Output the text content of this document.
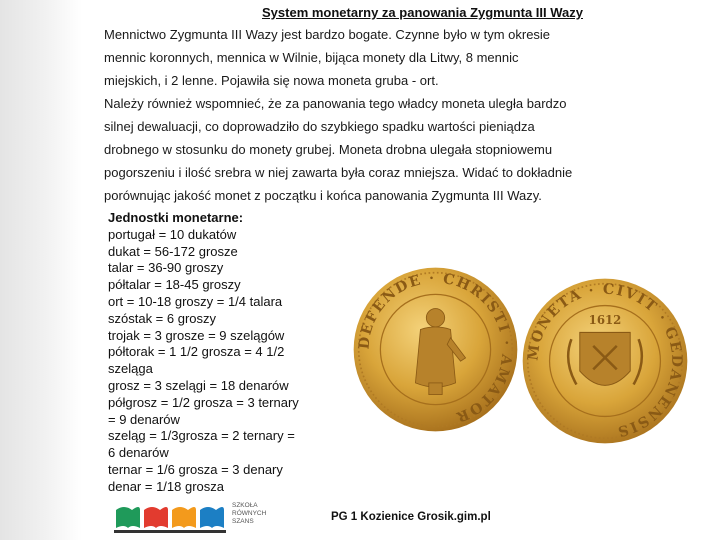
System monetarny za panowania Zygmunta III Wazy
Mennictwo Zygmunta III Wazy jest bardzo bogate. Czynne było w tym okresie
mennic koronnych, mennica w Wilnie, bijąca monety dla Litwy, 8 mennic
miejskich, i 2 lenne. Pojawiła się nowa moneta gruba - ort.
Należy również wspomnieć, że za panowania tego władcy moneta uległa bardzo
silnej dewaluacji, co doprowadziło do szybkiego spadku wartości pieniądza
drobnego w stosunku do monety grubej. Moneta drobna ulegała stopniowemu
pogorszeniu i ilość srebra w niej zawarta była coraz mniejsza. Widać to dokładnie
porównując jakość monet z początku i końca panowania Zygmunta III Wazy.
Jednostki monetarne:
portugał = 10 dukatów
dukat = 56-172 grosze
talar = 36-90 groszy
półtalar = 18-45 groszy
ort = 10-18 groszy = 1/4 talara
szóstak = 6 groszy
trojak = 3 grosze = 9 szelągów
półtorak = 1 1/2 grosza = 4 1/2
szeląga
grosz = 3 szelągi = 18 denarów
półgrosz = 1/2 grosza = 3 ternary
= 9 denarów
szeląg = 1/3grosza = 2 ternary =
6 denarów
ternar = 1/6 grosza = 3 denary
denar = 1/18 grosza
DEFENDE · CHRISTI · AMATOR
MONETA · CIVIT · GEDANENSIS
1612
SZKOŁA
RÓWNYCH
SZANS	PG 1 Kozienice Grosik.gim.pl
